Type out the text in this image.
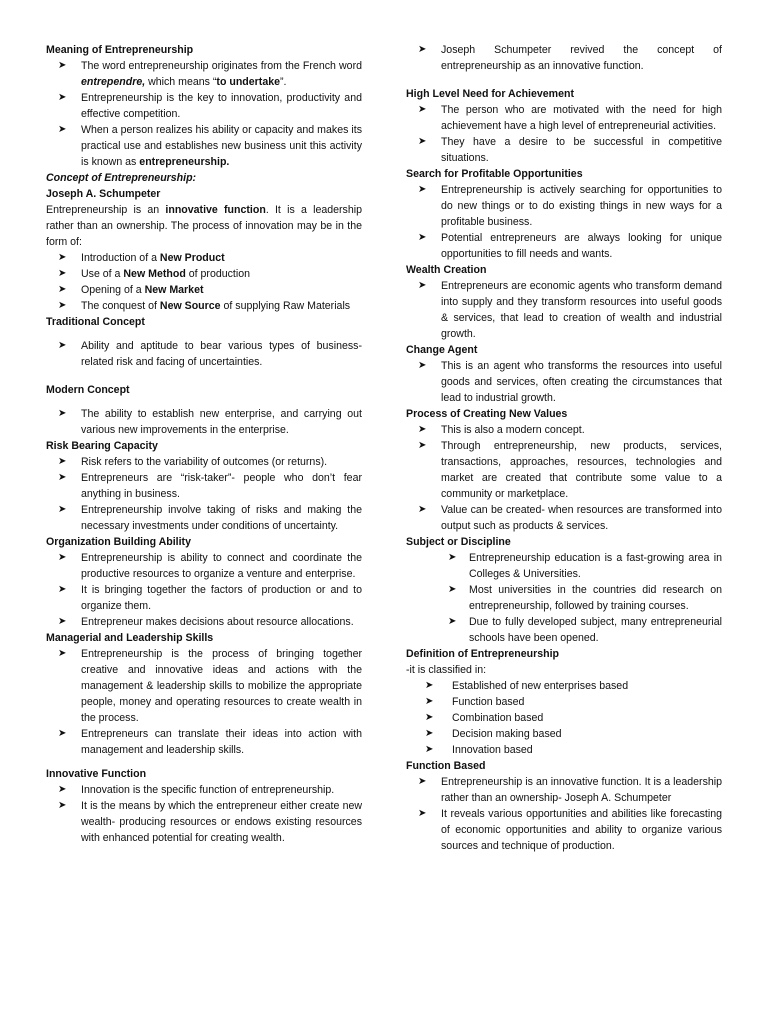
Meaning of Entrepreneurship
➤ The word entrepreneurship originates from the French word entrependre, which means “to undertake”.
➤ Entrepreneurship is the key to innovation, productivity and effective competition.
➤ When a person realizes his ability or capacity and makes its practical use and establishes new business unit this activity is known as entrepreneurship.
Concept of Entrepreneurship:
Joseph A. Schumpeter
Entrepreneurship is an innovative function. It is a leadership rather than an ownership. The process of innovation may be in the form of:
➤ Introduction of a New Product
➤ Use of a New Method of production
➤ Opening of a New Market
➤ The conquest of New Source of supplying Raw Materials
Traditional Concept
➤ Ability and aptitude to bear various types of business-related risk and facing of uncertainties.
Modern Concept
➤ The ability to establish new enterprise, and carrying out various new improvements in the enterprise.
Risk Bearing Capacity
➤ Risk refers to the variability of outcomes (or returns).
➤ Entrepreneurs are “risk-taker”- people who don’t fear anything in business.
➤ Entrepreneurship involve taking of risks and making the necessary investments under conditions of uncertainty.
Organization Building Ability
➤ Entrepreneurship is ability to connect and coordinate the productive resources to organize a venture and enterprise.
➤ It is bringing together the factors of production or and to organize them.
➤ Entrepreneur makes decisions about resource allocations.
Managerial and Leadership Skills
➤ Entrepreneurship is the process of bringing together creative and innovative ideas and actions with the management & leadership skills to mobilize the appropriate people, money and operating resources to create wealth in the process.
➤ Entrepreneurs can translate their ideas into action with management and leadership skills.
Innovative Function
➤ Innovation is the specific function of entrepreneurship.
➤ It is the means by which the entrepreneur either create new wealth- producing resources or endows existing resources with enhanced potential for creating wealth.
➤ Joseph Schumpeter revived the concept of entrepreneurship as an innovative function.
High Level Need for Achievement
➤ The person who are motivated with the need for high achievement have a high level of entrepreneurial activities.
➤ They have a desire to be successful in competitive situations.
Search for Profitable Opportunities
➤ Entrepreneurship is actively searching for opportunities to do new things or to do existing things in new ways for a profitable business.
➤ Potential entrepreneurs are always looking for unique opportunities to fill needs and wants.
Wealth Creation
➤ Entrepreneurs are economic agents who transform demand into supply and they transform resources into useful goods & services, that lead to creation of wealth and industrial growth.
Change Agent
➤ This is an agent who transforms the resources into useful goods and services, often creating the circumstances that lead to industrial growth.
Process of Creating New Values
➤ This is also a modern concept.
➤ Through entrepreneurship, new products, services, transactions, approaches, resources, technologies and market are created that contribute some value to a community or marketplace.
➤ Value can be created- when resources are transformed into output such as products & services.
Subject or Discipline
➤ Entrepreneurship education is a fast-growing area in Colleges & Universities.
➤ Most universities in the countries did research on entrepreneurship, followed by training courses.
➤ Due to fully developed subject, many entrepreneurial schools have been opened.
Definition of Entrepreneurship
-it is classified in:
➤ Established of new enterprises based
➤ Function based
➤ Combination based
➤ Decision making based
➤ Innovation based
Function Based
➤ Entrepreneurship is an innovative function. It is a leadership rather than an ownership- Joseph A. Schumpeter
➤ It reveals various opportunities and abilities like forecasting of economic opportunities and ability to organize various sources and technique of production.
